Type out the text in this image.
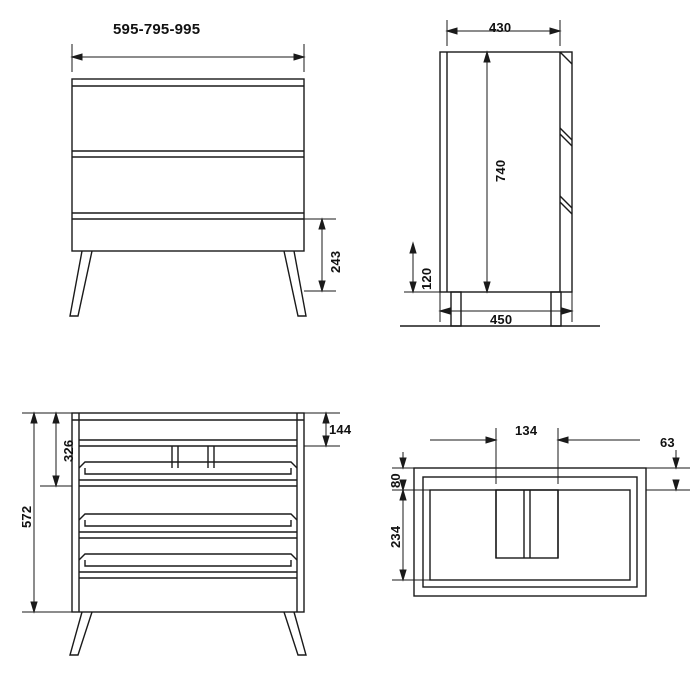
595-795-995
243
430
740
120
450
144
326
572
134
63
80
234
